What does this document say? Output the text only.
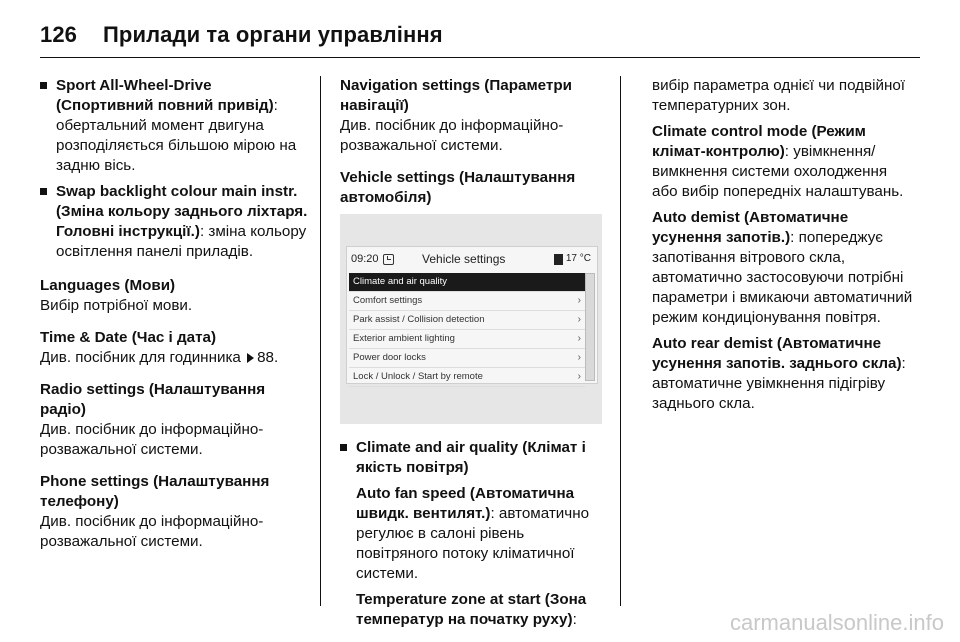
126 Прилади та органи управління
Sport All-Wheel-Drive (Спортивний повний привід): обертальний момент двигуна розподіляється більшою мірою на задню вісь.
Swap backlight colour main instr. (Зміна кольору заднього ліхтаря. Головні інструкції.): зміна кольору освітлення панелі приладів.

Languages (Мови)
Вибір потрібної мови.

Time & Date (Час і дата)
Див. посібник для годинника 88.

Radio settings (Налаштування радіо)
Див. посібник до інформаційно-розважальної системи.

Phone settings (Налаштування телефону)
Див. посібник до інформаційно-розважальної системи.

Navigation settings (Параметри навігації)
Див. посібник до інформаційно-розважальної системи.

Vehicle settings (Налаштування автомобіля)

09:20	Vehicle settings	17 °C
Climate and air quality
Comfort settings	›
Park assist / Collision detection	›
Exterior ambient lighting	›
Power door locks	›
Lock / Unlock / Start by remote	›
Climate and air quality (Клімат і якість повітря)
Auto fan speed (Автоматична швидк. вентилят.): автоматично регулює в салоні рівень повітряного потоку кліматичної системи.
Temperature zone at start (Зона температур на початку руху):

вибір параметра однієї чи подвійної температурних зон.

Climate control mode (Режим клімат-контролю): увімкнення/ вимкнення системи охолодження або вибір попередніх налаштувань.

Auto demist (Автоматичне усунення запотів.): попереджує запотівання вітрового скла, автоматично застосовуючи потрібні параметри і вмикаючи автоматичний режим кондиціонування повітря.

Auto rear demist (Автоматичне усунення запотів. заднього скла): автоматичне увімкнення підігріву заднього скла.

carmanualsonline.info
